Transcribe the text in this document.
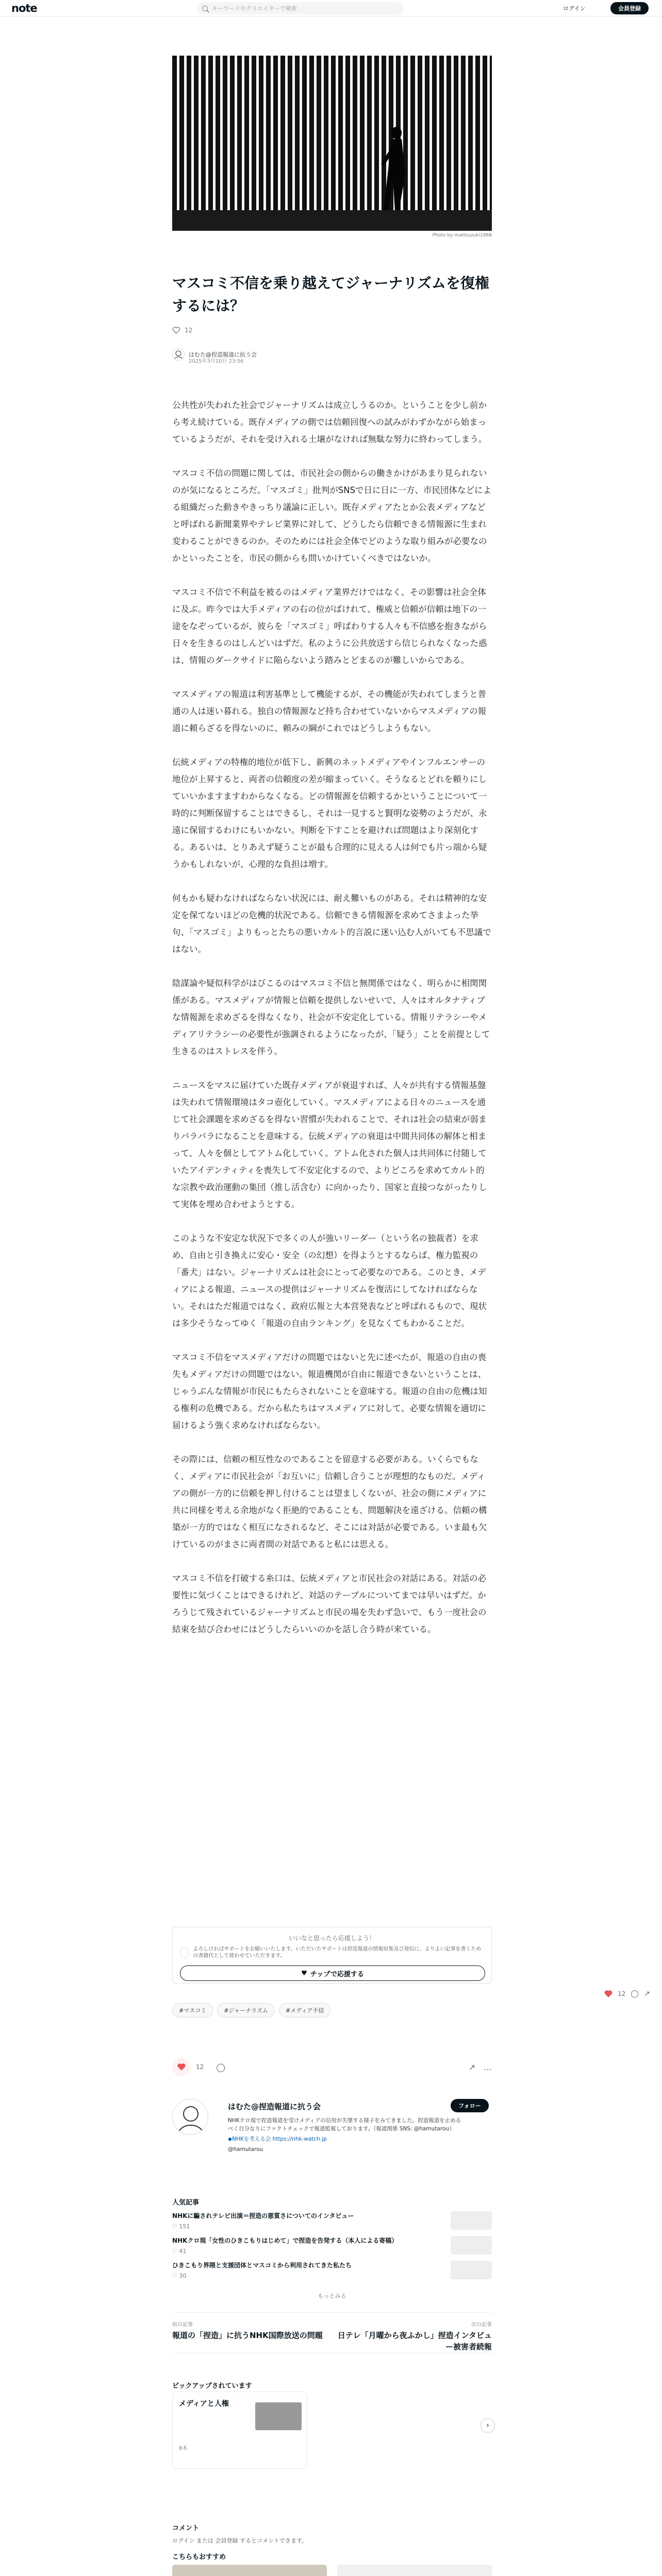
note	キーワードやクリエイターで検索	ログイン	会員登録
Photo by mattsuzuki1968
マスコミ不信を乗り越えてジャーナリズムを復権するには？
12
はむた@捏造報道に抗う会
2025年3月10日 23:56

公共性が失われた社会でジャーナリズムは成立しうるのか。ということを少し前から考え続けている。既存メディアの側では信頼回復への試みがわずかながら始まっているようだが、それを受け入れる土壌がなければ無駄な努力に終わってしまう。

マスコミ不信の問題に関しては、市民社会の側からの働きかけがあまり見られないのが気になるところだ。「マスゴミ」批判がSNSで日に日に一方、市民団体などによる組織だった動きやきっちり議論に正しい。既存メディアたとか公表メディアなどと呼ばれる新聞業界やテレビ業界に対して、どうしたら信頼できる情報源に生まれ変わることができるのか。そのためには社会全体でどのような取り組みが必要なのかといったことを、市民の側からも問いかけていくべきではないか。

マスコミ不信で不利益を被るのはメディア業界だけではなく、その影響は社会全体に及ぶ。昨今では大手メディアの右の位がばけれて、権威と信頼が信頼は地下の一途をなぞっているが、彼らを「マスゴミ」呼ばわりする人々も不信感を抱きながら日々を生きるのはしんどいはずだ。私のように公共放送すら信じられなくなった惑は、情報のダークサイドに陥らないよう踏みとどまるのが難しいからである。

マスメディアの報道は利害基準として機能するが、その機能が失われてしまうと普通の人は迷い暮れる。独自の情報源など持ち合わせていないからマスメディアの報道に頼らざるを得ないのに、頼みの綱がこれではどうしようもない。

伝統メディアの特権的地位が低下し、新興のネットメディアやインフルエンサーの地位が上昇すると、両者の信頼度の差が縮まっていく。そうなるとどれを頼りにしていいかますますわからなくなる。どの情報源を信頼するかということについて一時的に判断保留することはできるし、それは一見すると賢明な姿勢のようだが、永遠に保留するわけにもいかない。判断を下すことを避ければ問題はより深刻化する。あるいは、とりあえず疑うことが最も合理的に見える人は何でも片っ端から疑うかもしれないが、心理的な負担は増す。

何もかも疑わなければならない状況には、耐え難いものがある。それは精神的な安定を保てないほどの危機的状況である。信頼できる情報源を求めてさまよった挙句、「マスゴミ」よりもっとたちの悪いカルト的言説に迷い込む人がいても不思議ではない。

陰謀論や疑似科学がはびこるのはマスコミ不信と無関係ではなく、明らかに相関関係がある。マスメディアが情報と信頼を提供しないせいで、人々はオルタナティブな情報源を求めざるを得なくなり、社会が不安定化している。情報リテラシーやメディアリテラシーの必要性が強調されるようになったが、「疑う」ことを前提として生きるのはストレスを伴う。

ニュースをマスに届けていた既存メディアが衰退すれば、人々が共有する情報基盤は失われて情報環境はタコ壺化していく。マスメディアによる日々のニュースを通じて社会課題を求めざるを得ない習慣が失われることで、それは社会の結束が弱まりバラバラになることを意味する。伝統メディアの衰退は中間共同体の解体と相まって、人々を個としてアトム化していく。アトム化された個人は共同体に付随していたアイデンティティを喪失して不安定化するので、よりどころを求めてカルト的な宗教や政治運動の集団（推し活含む）に向かったり、国家と直接つながったりして実体を埋め合わせようとする。

このような不安定な状況下で多くの人が強いリーダー（という名の独裁者）を求め、自由と引き換えに安心・安全（の幻想）を得ようとするならば、権力監視の「番犬」はない。ジャーナリズムは社会にとって必要なのである。このとき、メディアによる報道、ニュースの提供はジャーナリズムを復活にしてなければならない。それはただ報道ではなく、政府広報と大本営発表などと呼ばれるもので、現状は多少そうなってゆく「報道の自由ランキング」を見なくてもわかることだ。

マスコミ不信をマスメディアだけの問題ではないと先に述べたが、報道の自由の喪失もメディアだけの問題ではない。報道機関が自由に報道できないということは、じゃうぶんな情報が市民にもたらされないことを意味する。報道の自由の危機は知る権利の危機である。だから私たちはマスメディアに対して、必要な情報を適切に届けるよう強く求めなければならない。

その際には、信頼の相互性なのであることを留意する必要がある。いくらでもなく、メディアに市民社会が「お互いに」信頼し合うことが理想的なものだ。メディアの側が一方的に信頼を押し付けることは望ましくないが、社会の側にメディアに共に同様を考える余地がなく拒絶的であることも、問題解決を遠ざける。信頼の構築が一方的ではなく相互になされるなど、そこには対話が必要である。いま最も欠けているのがまさに両者間の対話であると私には思える。

マスコミ不信を打破する糸口は、伝統メディアと市民社会の対話にある。対話の必要性に気づくことはできるけれど、対話のテーブルについてまでは早いはずだ。かろうじて残されているジャーナリズムと市民の場を失わず急いで、もう一度社会の結束を結び合わせにはどうしたらいいのかを話し合う時が来ている。

いいなと思ったら応援しよう！
よろしければサポートをお願いいたします。いただいたサポートは捏造報道の情報収集及び発信に、よりよい記事を書くための書籍代として使わせていただきます。
♥ チップで応援する
12 ◯ ↗
#マスコミ	#ジャーナリズム	#メディア不信
12 ◯	↗ …
はむた@捏造報道に抗う会	フォロー
NHKクロ現で捏造報道を受けメディアの信用が失墜する様子をみてきました。捏造報道を止めるべく自分なりにファクトチェックで報道監視しております。（報道関係 SNS: @hamutarou）
◆NHKを考える会 https://nhk-watch.jp
@hamutarou
人気記事
NHKに騙されテレビ出演＝捏造の悪質さについてのインタビュー
♡ 151
NHKクロ現「女性のひきこもりはじめて」で捏造を告発する（本人による寄稿）
♡ 41
ひきこもり界隈と支援団体とマスコミから利用されてきた私たち
♡ 30
もっとみる
前の記事
報道の「捏造」に抗うNHK国際放送の問題
次の記事
日テレ「月曜から夜ふかし」捏造インタビュー被害者続報
ピックアップされています
メディアと人権
8本
›
コメント
ログイン または 会員登録 するとコメントできます。
こちらもおすすめ
